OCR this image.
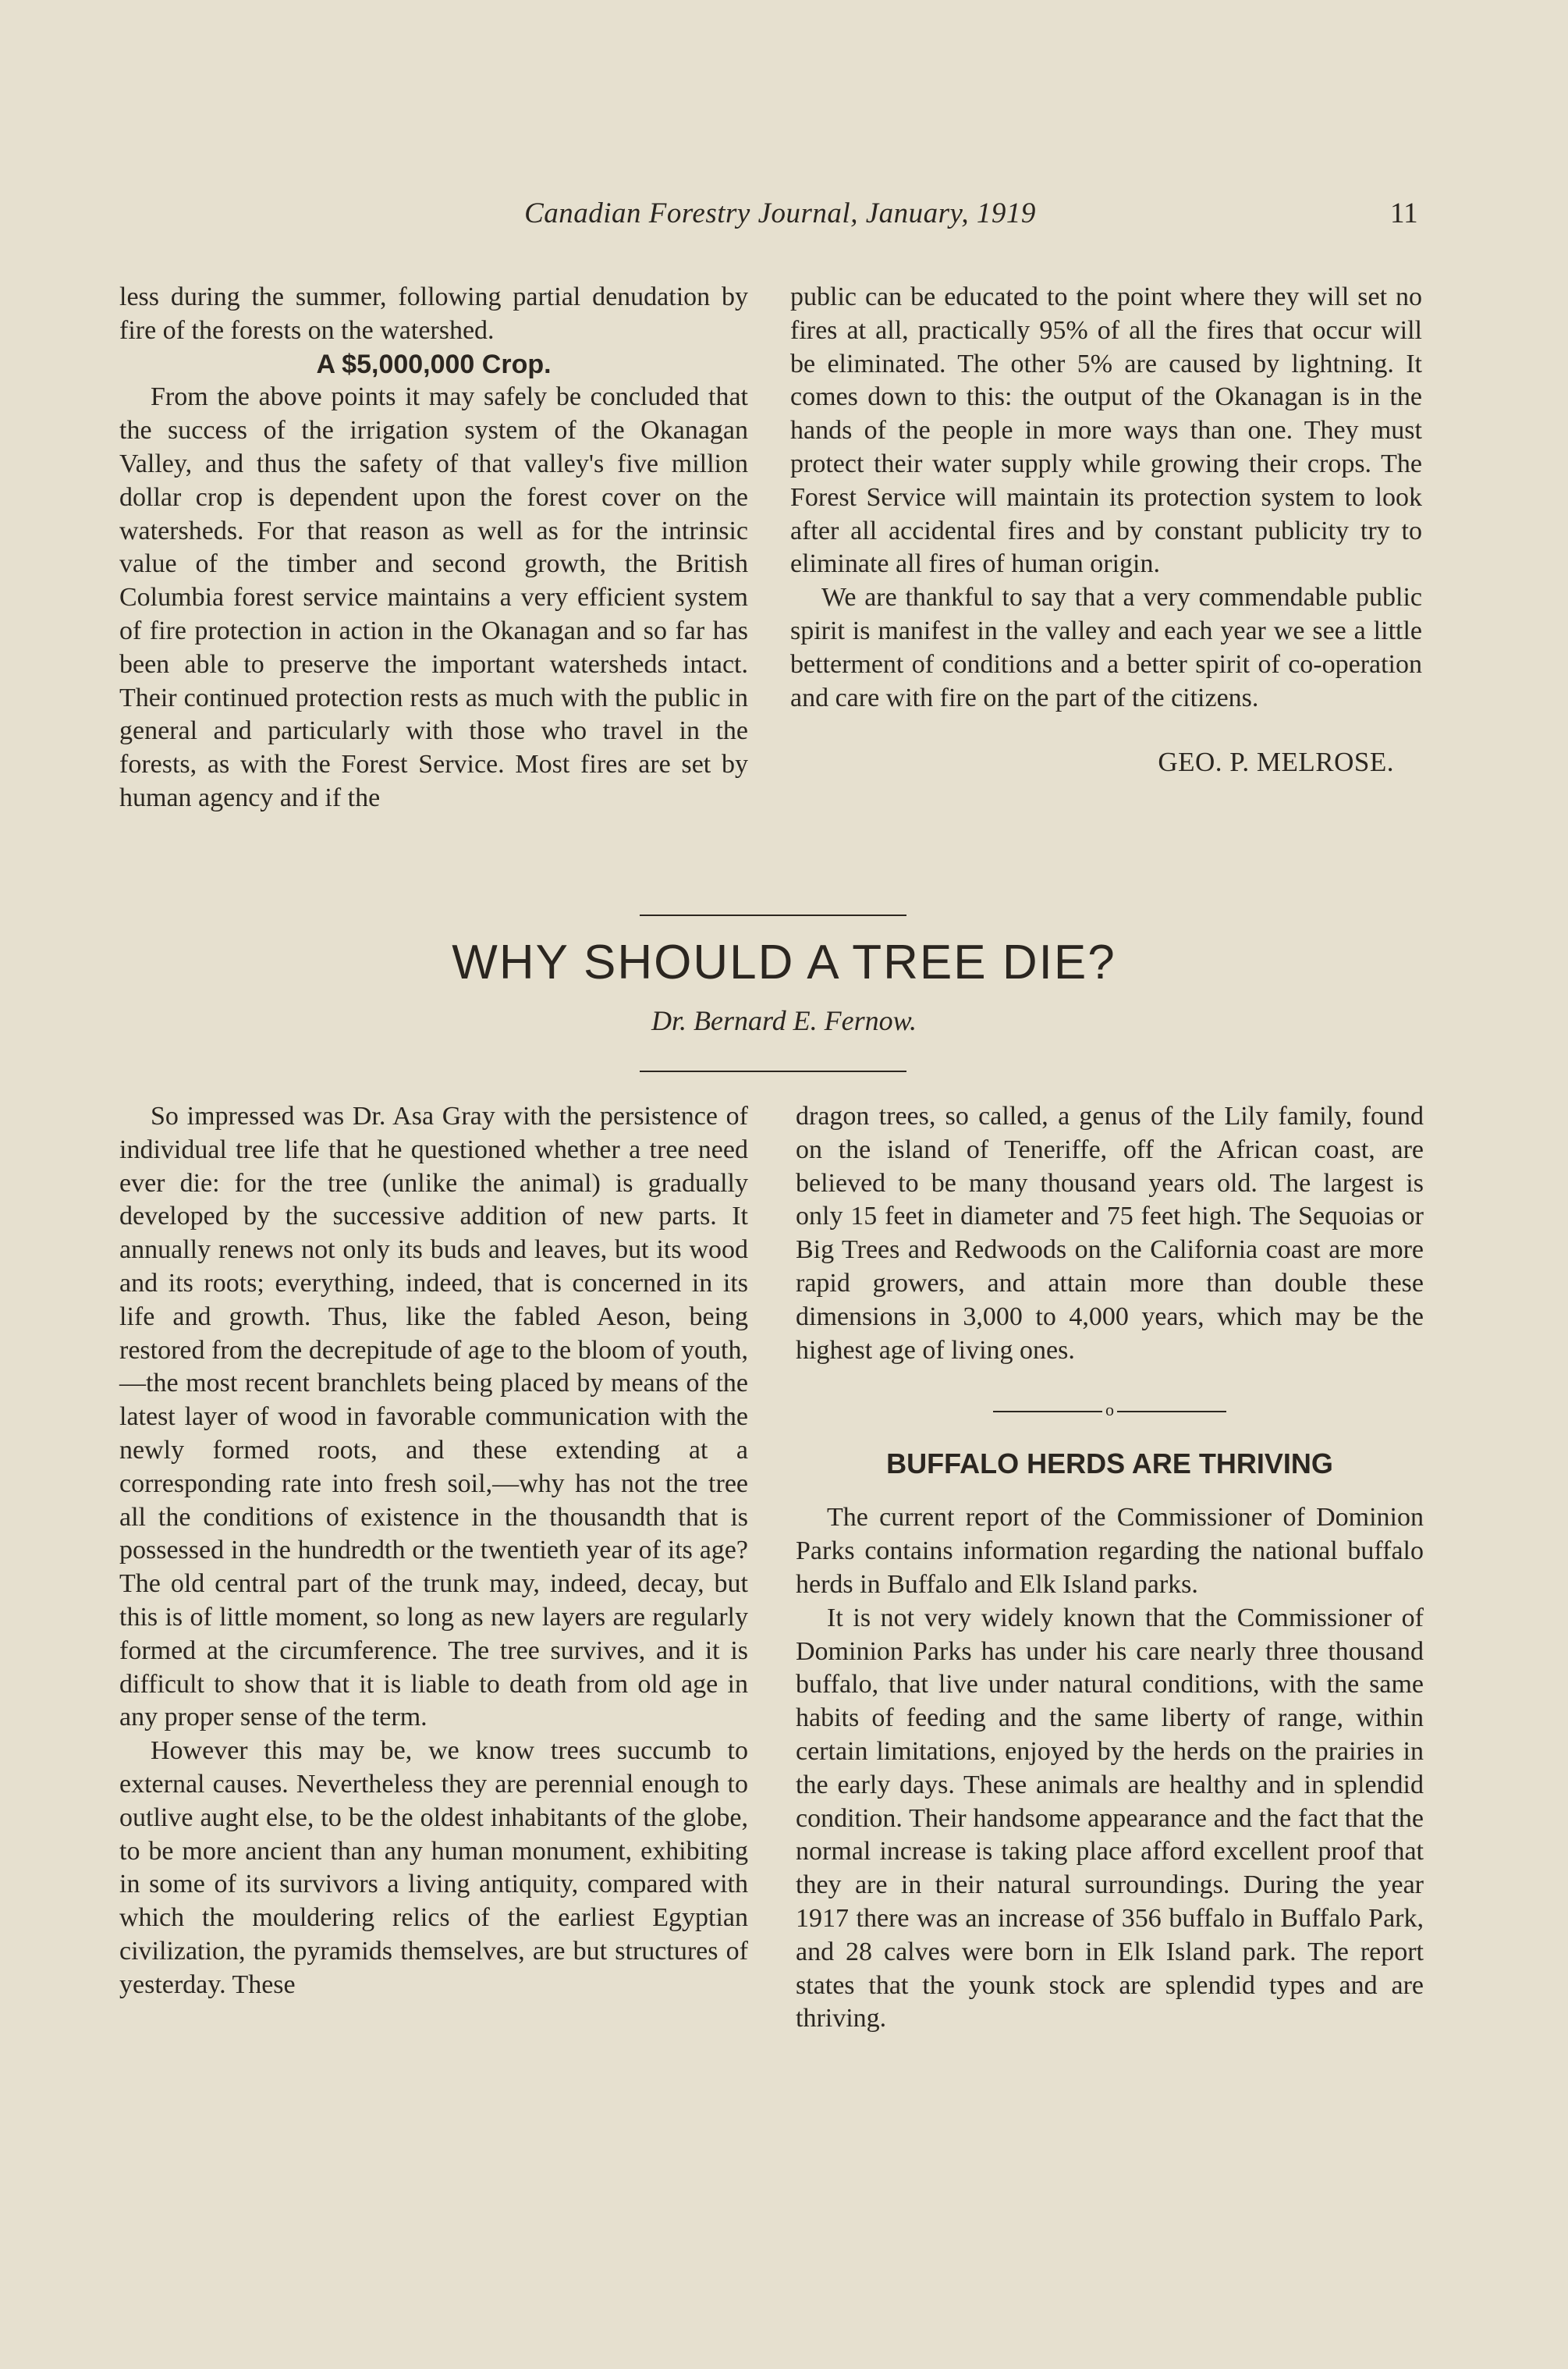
Canadian Forestry Journal, January, 1919	11

less during the summer, following partial denudation by fire of the forests on the watershed.

A $5,000,000 Crop.

From the above points it may safely be concluded that the success of the irrigation system of the Okanagan Valley, and thus the safety of that valley's five million dollar crop is dependent upon the forest cover on the watersheds. For that reason as well as for the intrinsic value of the timber and second growth, the British Columbia forest service maintains a very efficient system of fire protection in action in the Okanagan and so far has been able to preserve the important watersheds intact. Their continued protection rests as much with the public in general and particularly with those who travel in the forests, as with the Forest Service. Most fires are set by human agency and if the

public can be educated to the point where they will set no fires at all, practically 95% of all the fires that occur will be eliminated. The other 5% are caused by lightning. It comes down to this: the output of the Okanagan is in the hands of the people in more ways than one. They must protect their water supply while growing their crops. The Forest Service will maintain its protection system to look after all accidental fires and by constant publicity try to eliminate all fires of human origin.

We are thankful to say that a very commendable public spirit is manifest in the valley and each year we see a little betterment of conditions and a better spirit of co-operation and care with fire on the part of the citizens.

GEO. P. MELROSE.
WHY SHOULD A TREE DIE?
Dr. Bernard E. Fernow.

So impressed was Dr. Asa Gray with the persistence of individual tree life that he questioned whether a tree need ever die: for the tree (unlike the animal) is gradually developed by the successive addition of new parts. It annually renews not only its buds and leaves, but its wood and its roots; everything, indeed, that is concerned in its life and growth. Thus, like the fabled Aeson, being restored from the decrepitude of age to the bloom of youth,—the most recent branchlets being placed by means of the latest layer of wood in favorable communication with the newly formed roots, and these extending at a corresponding rate into fresh soil,—why has not the tree all the conditions of existence in the thousandth that is possessed in the hundredth or the twentieth year of its age? The old central part of the trunk may, indeed, decay, but this is of little moment, so long as new layers are regularly formed at the circumference. The tree survives, and it is difficult to show that it is liable to death from old age in any proper sense of the term.

However this may be, we know trees succumb to external causes. Nevertheless they are perennial enough to outlive aught else, to be the oldest inhabitants of the globe, to be more ancient than any human monument, exhibiting in some of its survivors a living antiquity, compared with which the mouldering relics of the earliest Egyptian civilization, the pyramids themselves, are but structures of yesterday. These

dragon trees, so called, a genus of the Lily family, found on the island of Teneriffe, off the African coast, are believed to be many thousand years old. The largest is only 15 feet in diameter and 75 feet high. The Sequoias or Big Trees and Redwoods on the California coast are more rapid growers, and attain more than double these dimensions in 3,000 to 4,000 years, which may be the highest age of living ones.

o
BUFFALO HERDS ARE THRIVING

The current report of the Commissioner of Dominion Parks contains information regarding the national buffalo herds in Buffalo and Elk Island parks.

It is not very widely known that the Commissioner of Dominion Parks has under his care nearly three thousand buffalo, that live under natural conditions, with the same habits of feeding and the same liberty of range, within certain limitations, enjoyed by the herds on the prairies in the early days. These animals are healthy and in splendid condition. Their handsome appearance and the fact that the normal increase is taking place afford excellent proof that they are in their natural surroundings. During the year 1917 there was an increase of 356 buffalo in Buffalo Park, and 28 calves were born in Elk Island park. The report states that the younk stock are splendid types and are thriving.
